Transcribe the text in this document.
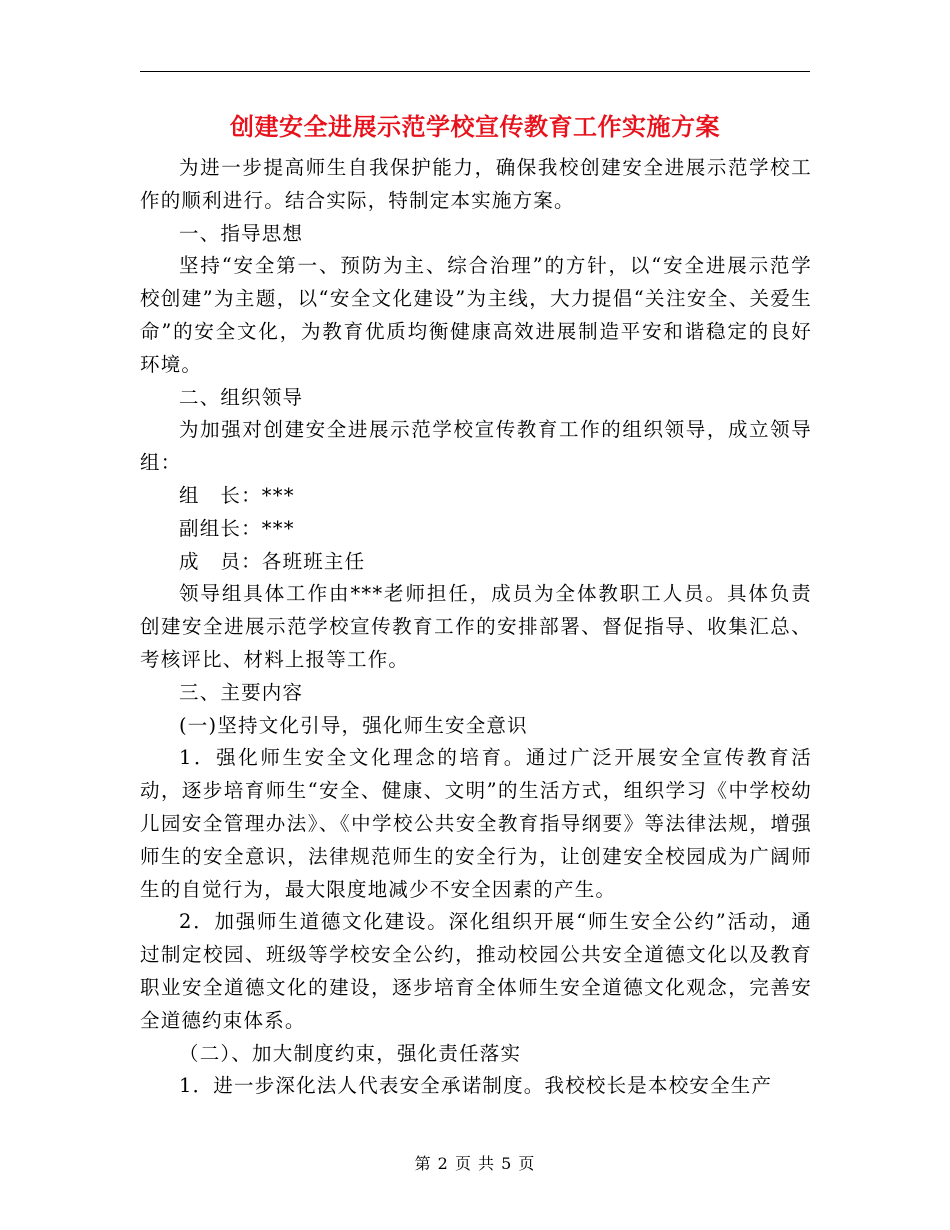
创建安全进展示范学校宣传教育工作实施方案

为进一步提高师生自我保护能力，确保我校创建安全进展示范学校工作的顺利进行。结合实际，特制定本实施方案。

一、指导思想

坚持“安全第一、预防为主、综合治理”的方针，以“安全进展示范学校创建”为主题，以“安全文化建设”为主线，大力提倡“关注安全、关爱生命”的安全文化，为教育优质均衡健康高效进展制造平安和谐稳定的良好环境。

二、组织领导

为加强对创建安全进展示范学校宣传教育工作的组织领导，成立领导组：

组　长：***

副组长：***

成　员：各班班主任

领导组具体工作由***老师担任，成员为全体教职工人员。具体负责创建安全进展示范学校宣传教育工作的安排部署、督促指导、收集汇总、考核评比、材料上报等工作。

三、主要内容

(一)坚持文化引导，强化师生安全意识

1．强化师生安全文化理念的培育。通过广泛开展安全宣传教育活动，逐步培育师生“安全、健康、文明”的生活方式，组织学习《中学校幼儿园安全管理办法》、《中学校公共安全教育指导纲要》等法律法规，增强师生的安全意识，法律规范师生的安全行为，让创建安全校园成为广阔师生的自觉行为，最大限度地减少不安全因素的产生。

2．加强师生道德文化建设。深化组织开展“师生安全公约”活动，通过制定校园、班级等学校安全公约，推动校园公共安全道德文化以及教育职业安全道德文化的建设，逐步培育全体师生安全道德文化观念，完善安全道德约束体系。

（二）、加大制度约束，强化责任落实

1．进一步深化法人代表安全承诺制度。我校校长是本校安全生产

第 2 页 共 5 页
